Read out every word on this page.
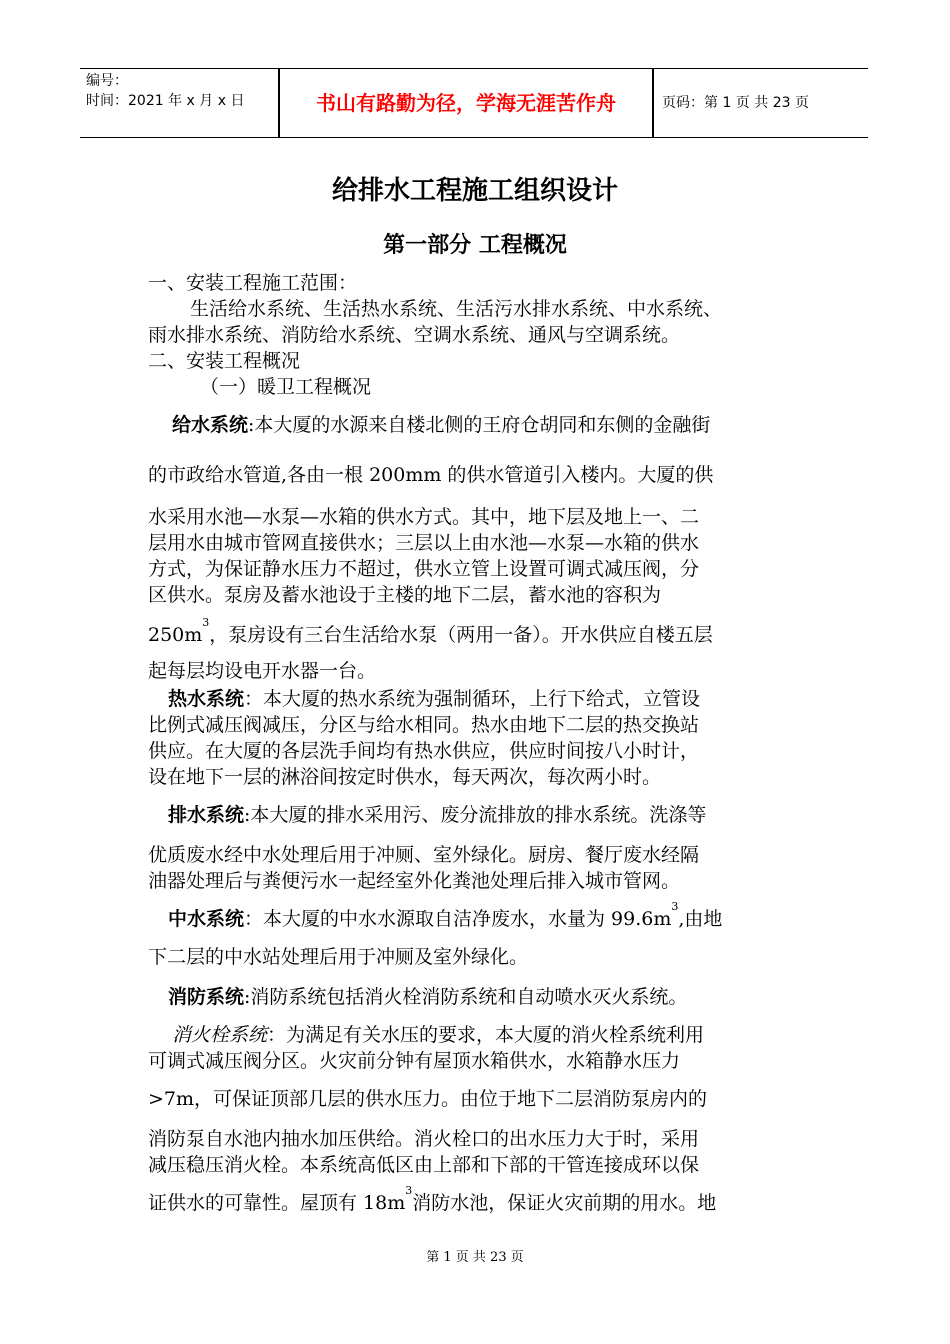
编号：
时间：2021 年 x 月 x 日	书山有路勤为径，学海无涯苦作舟	页码：第 1 页 共 23 页
给排水工程施工组织设计
第一部分 工程概况
一、安装工程施工范围：
生活给水系统、生活热水系统、生活污水排水系统、中水系统、
雨水排水系统、消防给水系统、空调水系统、通风与空调系统。
二、安装工程概况
（一）暖卫工程概况
给水系统:本大厦的水源来自楼北侧的王府仓胡同和东侧的金融街
的市政给水管道,各由一根 200mm 的供水管道引入楼内。大厦的供
水采用水池—水泵—水箱的供水方式。其中，地下层及地上一、二
层用水由城市管网直接供水；三层以上由水池—水泵—水箱的供水
方式，为保证静水压力不超过，供水立管上设置可调式减压阀，分
区供水。泵房及蓄水池设于主楼的地下二层，蓄水池的容积为
$250m^3$，泵房设有三台生活给水泵（两用一备）。开水供应自楼五层
起每层均设电开水器一台。
热水系统：本大厦的热水系统为强制循环，上行下给式，立管设
比例式减压阀减压，分区与给水相同。热水由地下二层的热交换站
供应。在大厦的各层洗手间均有热水供应，供应时间按八小时计，
设在地下一层的淋浴间按定时供水，每天两次，每次两小时。
排水系统:本大厦的排水采用污、废分流排放的排水系统。洗涤等
优质废水经中水处理后用于冲厕、室外绿化。厨房、餐厅废水经隔
油器处理后与粪便污水一起经室外化粪池处理后排入城市管网。
中水系统：本大厦的中水水源取自洁净废水，水量为 $99.6m^3$,由地
下二层的中水站处理后用于冲厕及室外绿化。
消防系统:消防系统包括消火栓消防系统和自动喷水灭火系统。
消火栓系统：为满足有关水压的要求，本大厦的消火栓系统利用
可调式减压阀分区。火灾前分钟有屋顶水箱供水，水箱静水压力
>7m，可保证顶部几层的供水压力。由位于地下二层消防泵房内的
消防泵自水池内抽水加压供给。消火栓口的出水压力大于时，采用
减压稳压消火栓。本系统高低区由上部和下部的干管连接成环以保
证供水的可靠性。屋顶有 $18m^3$消防水池，保证火灾前期的用水。地
第 1 页 共 23 页
